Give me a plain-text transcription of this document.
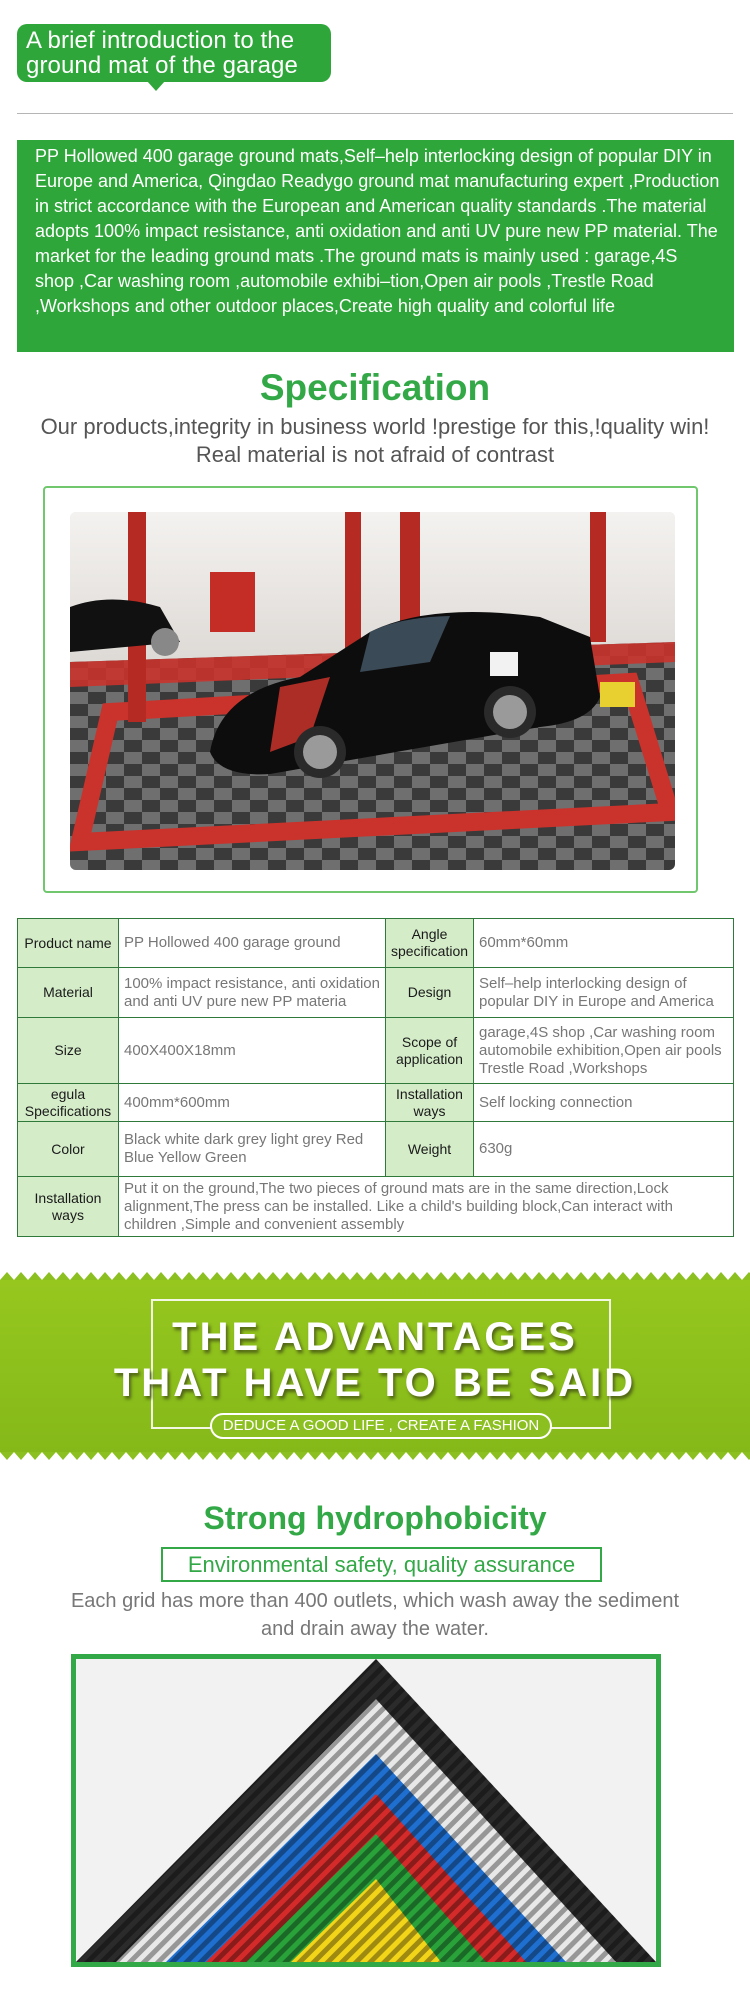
A brief introduction to the
ground mat of the garage
PP Hollowed 400 garage ground mats,Self–help interlocking design of popular DIY in Europe and America, Qingdao Readygo ground mat manufacturing expert ,Production in strict accordance with the European and American quality standards .The material adopts 100% impact resistance, anti oxidation and anti UV pure new PP material. The market for the leading ground mats .The ground mats is mainly used : garage,4S shop ,Car washing room ,automobile exhibi–tion,Open air pools ,Trestle Road ,Workshops and other outdoor places,Create high quality and colorful life
Specification
Our products,integrity in business world !prestige for this,!quality win!
Real material is not afraid of contrast
Product name	PP Hollowed 400 garage ground	Angle specification	60mm*60mm
Material	100% impact resistance, anti oxidation and anti UV pure new PP materia	Design	Self–help interlocking design of popular DIY in Europe and America
Size	400X400X18mm	Scope of application	garage,4S shop ,Car washing room automobile exhibition,Open air pools Trestle Road ,Workshops
egula Specifications	400mm*600mm	Installation ways	Self locking connection
Color	Black white dark grey light grey Red Blue Yellow Green	Weight	630g
Installation ways	Put it on the ground,The two pieces of ground mats are in the same direction,Lock alignment,The press can be installed. Like a child's building block,Can interact with children ,Simple and convenient assembly		
THE ADVANTAGES
THAT HAVE TO BE SAID
DEDUCE A GOOD LIFE , CREATE A FASHION
Strong hydrophobicity
Environmental safety, quality assurance
Each grid has more than 400 outlets, which wash away the sediment
and drain away the water.
